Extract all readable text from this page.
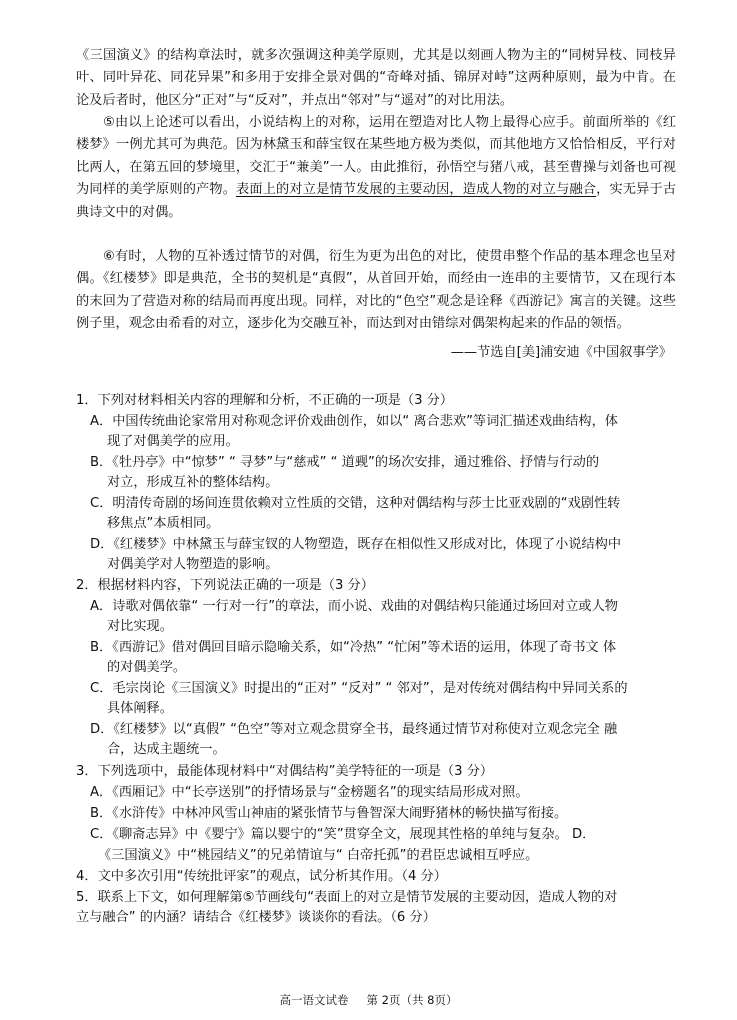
《三国演义》的结构章法时，就多次强调这种美学原则，尤其是以刻画人物为主的“同树异枝、同枝异叶、同叶异花、同花异果”和多用于安排全景对偶的“奇峰对插、锦屏对峙”这两种原则，最为中肯。在论及后者时，他区分“正对”与“反对”，并点出“邻对”与“遥对”的对比用法。

⑤由以上论述可以看出，小说结构上的对称，运用在塑造对比人物上最得心应手。前面所举的《红楼梦》一例尤其可为典范。因为林黛玉和薛宝钗在某些地方极为类似，而其他地方又恰恰相反，平行对比两人，在第五回的梦境里，交汇于“兼美”一人。由此推衍，孙悟空与猪八戒，甚至曹操与刘备也可视为同样的美学原则的产物。表面上的对立是情节发展的主要动因，造成人物的对立与融合，实无异于古典诗文中的对偶。

⑥有时，人物的互补透过情节的对偶，衍生为更为出色的对比，使贯串整个作品的基本理念也呈对偶。《红楼梦》即是典范，全书的契机是“真假”，从首回开始，而经由一连串的主要情节，又在现行本的末回为了营造对称的结局而再度出现。同样，对比的“色空”观念是诠释《西游记》寓言的关键。这些例子里，观念由希看的对立，逐步化为交融互补，而达到对由错综对偶架构起来的作品的领悟。

——节选自[美]浦安迪《中国叙事学》

1．下列对材料相关内容的理解和分析，不正确的一项是（3 分）

A．中国传统曲论家常用对称观念评价戏曲创作，如以“ 离合悲欢”等词汇描述戏曲结构，体
现了对偶美学的应用。

B．《牡丹亭》中“惊梦” “ 寻梦”与“慈戒” “ 道觋”的场次安排，通过雅俗、抒情与行动的
对立，形成互补的整体结构。

C．明清传奇剧的场间连贯依赖对立性质的交错，这种对偶结构与莎士比亚戏剧的“戏剧性转
移焦点”本质相同。

D．《红楼梦》中林黛玉与薛宝钗的人物塑造，既存在相似性又形成对比，体现了小说结构中
对偶美学对人物塑造的影响。

2．根据材料内容，下列说法正确的一项是（3 分）

A．诗歌对偶依靠“ 一行对一行”的章法，而小说、戏曲的对偶结构只能通过场回对立或人物
对比实现。

B．《西游记》借对偶回目暗示隐喻关系，如“冷热” “忙闲”等术语的运用，体现了奇书文 体
的对偶美学。

C．毛宗岗论《三国演义》时提出的“正对” “反对” “ 邻对”，是对传统对偶结构中异同关系的
具体阐释。

D．《红楼梦》以“真假” “色空”等对立观念贯穿全书，最终通过情节对称使对立观念完全 融
合，达成主题统一。

3．下列选项中，最能体现材料中“对偶结构”美学特征的一项是（3 分）

A．《西厢记》中“长亭送别”的抒情场景与“金榜题名”的现实结局形成对照。

B．《水浒传》中林冲风雪山神庙的紧张情节与鲁智深大闹野猪林的畅快描写衔接。

C．《聊斋志异》中《婴宁》篇以婴宁的“笑”贯穿全文，展现其性格的单纯与复杂。 D．

《三国演义》中“桃园结义”的兄弟情谊与“ 白帝托孤”的君臣忠诚相互呼应。

4．文中多次引用“传统批评家”的观点，试分析其作用。（4 分）

5．联系上下文，如何理解第⑤节画线句“表面上的对立是情节发展的主要动因，造成人物的对
立与融合” 的内涵？请结合《红楼梦》谈谈你的看法。（6 分）

高一语文试卷 第 2页（共 8页）
